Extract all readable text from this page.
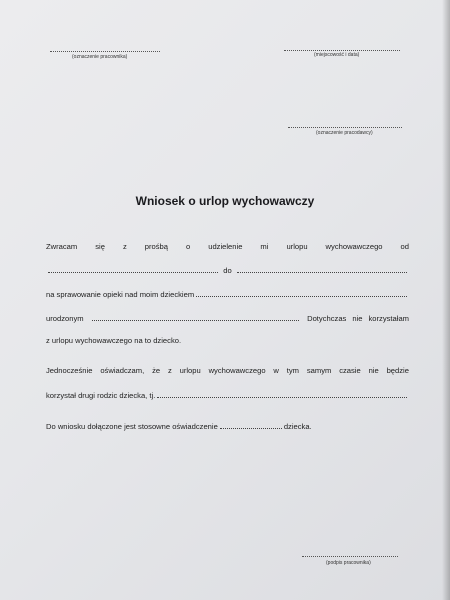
(oznaczenie pracownika)	(miejscowość i data)
(oznaczenie pracodawcy)
Wniosek o urlop wychowawczy
Zwracam się z prośbą o udzielenie mi urlopu wychowawczego od
do
na sprawowanie opieki nad moim dzieckiem
urodzonym	Dotychczas nie korzystałam
z urlopu wychowawczego na to dziecko.
Jednocześnie oświadczam, że z urlopu wychowawczego w tym samym czasie nie będzie
korzystał drugi rodzic dziecka, tj.
Do wniosku dołączone jest stosowne oświadczenie	dziecka.
(podpis pracownika)
